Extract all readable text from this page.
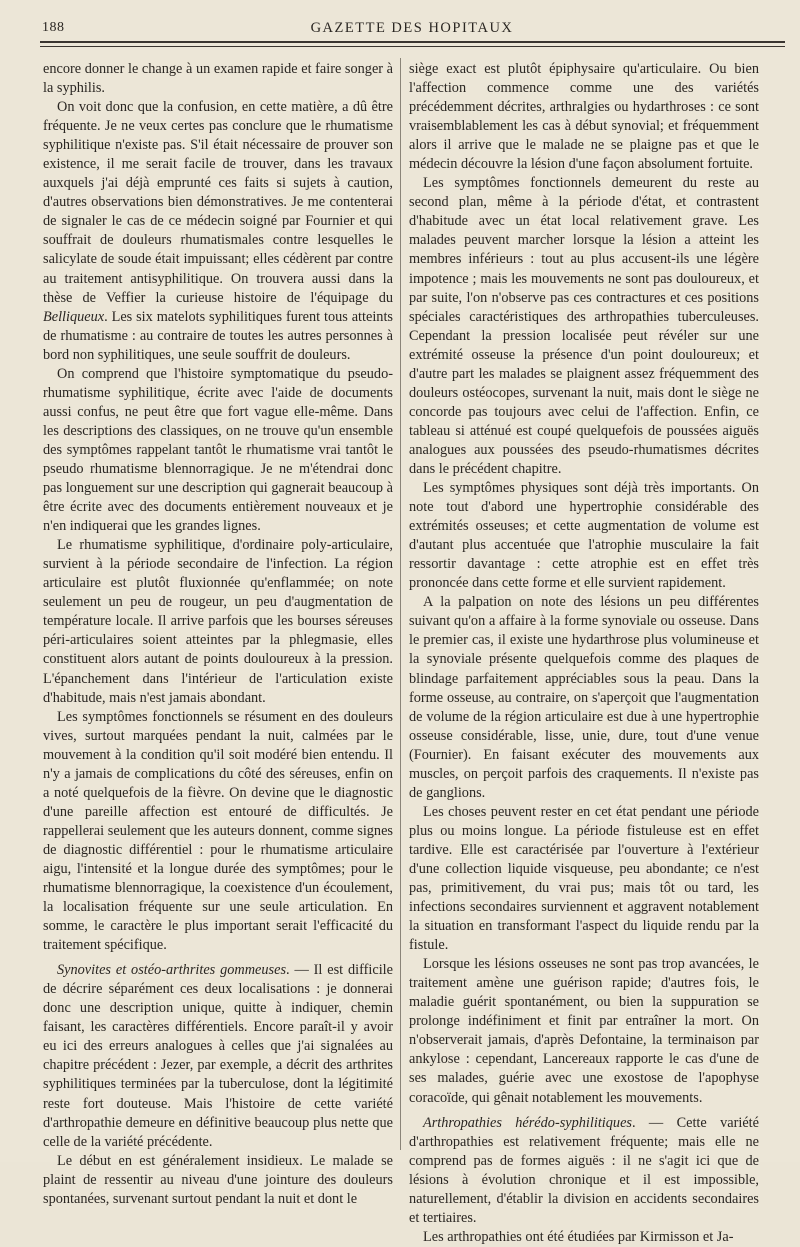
188	GAZETTE DES HOPITAUX

encore donner le change à un examen rapide et faire songer à la syphilis.

On voit donc que la confusion, en cette matière, a dû être fréquente. Je ne veux certes pas conclure que le rhumatisme syphilitique n'existe pas. S'il était nécessaire de prouver son existence, il me serait facile de trouver, dans les travaux auxquels j'ai déjà emprunté ces faits si sujets à caution, d'autres observations bien démonstratives. Je me contenterai de signaler le cas de ce médecin soigné par Fournier et qui souffrait de douleurs rhumatismales contre lesquelles le salicylate de soude était impuissant; elles cédèrent par contre au traitement antisyphilitique. On trouvera aussi dans la thèse de Veffier la curieuse histoire de l'équipage du Belliqueux. Les six matelots syphilitiques furent tous atteints de rhumatisme : au contraire de toutes les autres personnes à bord non syphilitiques, une seule souffrit de douleurs.

On comprend que l'histoire symptomatique du pseudo-rhumatisme syphilitique, écrite avec l'aide de documents aussi confus, ne peut être que fort vague elle-même. Dans les descriptions des classiques, on ne trouve qu'un ensemble des symptômes rappelant tantôt le rhumatisme vrai tantôt le pseudo rhumatisme blennorragique. Je ne m'étendrai donc pas longuement sur une description qui gagnerait beaucoup à être écrite avec des documents entièrement nouveaux et je n'en indiquerai que les grandes lignes.

Le rhumatisme syphilitique, d'ordinaire poly-articulaire, survient à la période secondaire de l'infection. La région articulaire est plutôt fluxionnée qu'enflammée; on note seulement un peu de rougeur, un peu d'augmentation de température locale. Il arrive parfois que les bourses séreuses péri-articulaires soient atteintes par la phlegmasie, elles constituent alors autant de points douloureux à la pression. L'épanchement dans l'intérieur de l'articulation existe d'habitude, mais n'est jamais abondant.

Les symptômes fonctionnels se résument en des douleurs vives, surtout marquées pendant la nuit, calmées par le mouvement à la condition qu'il soit modéré bien entendu. Il n'y a jamais de complications du côté des séreuses, enfin on a noté quelquefois de la fièvre. On devine que le diagnostic d'une pareille affection est entouré de difficultés. Je rappellerai seulement que les auteurs donnent, comme signes de diagnostic différentiel : pour le rhumatisme articulaire aigu, l'intensité et la longue durée des symptômes; pour le rhumatisme blennorragique, la coexistence d'un écoulement, la localisation fréquente sur une seule articulation. En somme, le caractère le plus important serait l'efficacité du traitement spécifique.

Synovites et ostéo-arthrites gommeuses. — Il est difficile de décrire séparément ces deux localisations : je donnerai donc une description unique, quitte à indiquer, chemin faisant, les caractères différentiels. Encore paraît-il y avoir eu ici des erreurs analogues à celles que j'ai signalées au chapitre précédent : Jezer, par exemple, a décrit des arthrites syphilitiques terminées par la tuberculose, dont la légitimité reste fort douteuse. Mais l'histoire de cette variété d'arthropathie demeure en définitive beaucoup plus nette que celle de la variété précédente.

Le début en est généralement insidieux. Le malade se plaint de ressentir au niveau d'une jointure des douleurs spontanées, survenant surtout pendant la nuit et dont le

siège exact est plutôt épiphysaire qu'articulaire. Ou bien l'affection commence comme une des variétés précédemment décrites, arthralgies ou hydarthroses : ce sont vraisemblablement les cas à début synovial; et fréquemment alors il arrive que le malade ne se plaigne pas et que le médecin découvre la lésion d'une façon absolument fortuite.

Les symptômes fonctionnels demeurent du reste au second plan, même à la période d'état, et contrastent d'habitude avec un état local relativement grave. Les malades peuvent marcher lorsque la lésion a atteint les membres inférieurs : tout au plus accusent-ils une légère impotence ; mais les mouvements ne sont pas douloureux, et par suite, l'on n'observe pas ces contractures et ces positions spéciales caractéristiques des arthropathies tuberculeuses. Cependant la pression localisée peut révéler sur une extrémité osseuse la présence d'un point douloureux; et d'autre part les malades se plaignent assez fréquemment des douleurs ostéocopes, survenant la nuit, mais dont le siège ne concorde pas toujours avec celui de l'affection. Enfin, ce tableau si atténué est coupé quelquefois de poussées aiguës analogues aux poussées des pseudo-rhumatismes décrites dans le précédent chapitre.

Les symptômes physiques sont déjà très importants. On note tout d'abord une hypertrophie considérable des extrémités osseuses; et cette augmentation de volume est d'autant plus accentuée que l'atrophie musculaire la fait ressortir davantage : cette atrophie est en effet très prononcée dans cette forme et elle survient rapidement.

A la palpation on note des lésions un peu différentes suivant qu'on a affaire à la forme synoviale ou osseuse. Dans le premier cas, il existe une hydarthrose plus volumineuse et la synoviale présente quelquefois comme des plaques de blindage parfaitement appréciables sous la peau. Dans la forme osseuse, au contraire, on s'aperçoit que l'augmentation de volume de la région articulaire est due à une hypertrophie osseuse considérable, lisse, unie, dure, tout d'une venue (Fournier). En faisant exécuter des mouvements aux muscles, on perçoit parfois des craquements. Il n'existe pas de ganglions.

Les choses peuvent rester en cet état pendant une période plus ou moins longue. La période fistuleuse est en effet tardive. Elle est caractérisée par l'ouverture à l'extérieur d'une collection liquide visqueuse, peu abondante; ce n'est pas, primitivement, du vrai pus; mais tôt ou tard, les infections secondaires surviennent et aggravent notablement la situation en transformant l'aspect du liquide rendu par la fistule.

Lorsque les lésions osseuses ne sont pas trop avancées, le traitement amène une guérison rapide; d'autres fois, le maladie guérit spontanément, ou bien la suppuration se prolonge indéfiniment et finit par entraîner la mort. On n'observerait jamais, d'après Defontaine, la terminaison par ankylose : cependant, Lancereaux rapporte le cas d'une de ses malades, guérie avec une exostose de l'apophyse coracoïde, qui gênait notablement les mouvements.

Arthropathies hérédo-syphilitiques. — Cette variété d'arthropathies est relativement fréquente; mais elle ne comprend pas de formes aiguës : il ne s'agit ici que de lésions à évolution chronique et il est impossible, naturellement, d'établir la division en accidents secondaires et tertiaires.

Les arthropathies ont été étudiées par Kirmisson et Ja-
